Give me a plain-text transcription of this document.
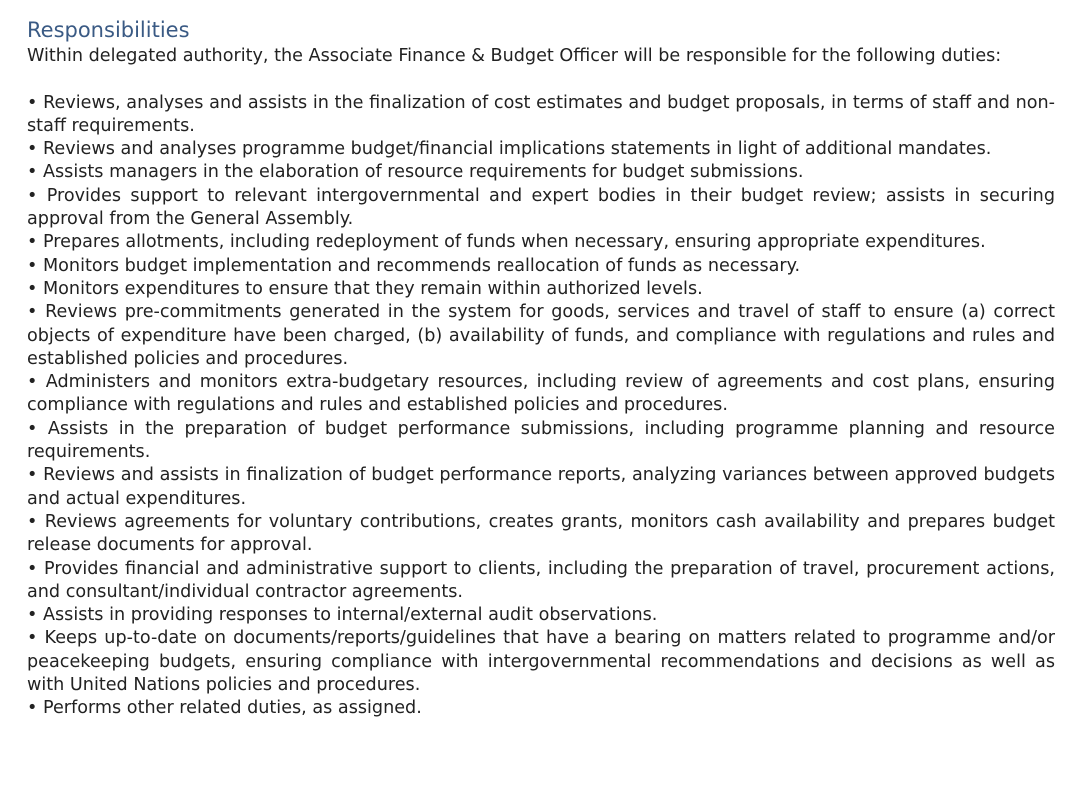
Responsibilities

Within delegated authority, the Associate Finance & Budget Officer will be responsible for the following duties:

• Reviews, analyses and assists in the finalization of cost estimates and budget proposals, in terms of staff and non-staff requirements.
• Reviews and analyses programme budget/financial implications statements in light of additional mandates.
• Assists managers in the elaboration of resource requirements for budget submissions.
• Provides support to relevant intergovernmental and expert bodies in their budget review; assists in securing approval from the General Assembly.
• Prepares allotments, including redeployment of funds when necessary, ensuring appropriate expenditures.
• Monitors budget implementation and recommends reallocation of funds as necessary.
• Monitors expenditures to ensure that they remain within authorized levels.
• Reviews pre-commitments generated in the system for goods, services and travel of staff to ensure (a) correct objects of expenditure have been charged, (b) availability of funds, and compliance with regulations and rules and established policies and procedures.
• Administers and monitors extra-budgetary resources, including review of agreements and cost plans, ensuring compliance with regulations and rules and established policies and procedures.
• Assists in the preparation of budget performance submissions, including programme planning and resource requirements.
• Reviews and assists in finalization of budget performance reports, analyzing variances between approved budgets and actual expenditures.
• Reviews agreements for voluntary contributions, creates grants, monitors cash availability and prepares budget release documents for approval.
• Provides financial and administrative support to clients, including the preparation of travel, procurement actions, and consultant/individual contractor agreements.
• Assists in providing responses to internal/external audit observations.
• Keeps up-to-date on documents/reports/guidelines that have a bearing on matters related to programme and/or peacekeeping budgets, ensuring compliance with intergovernmental recommendations and decisions as well as with United Nations policies and procedures.
• Performs other related duties, as assigned.
